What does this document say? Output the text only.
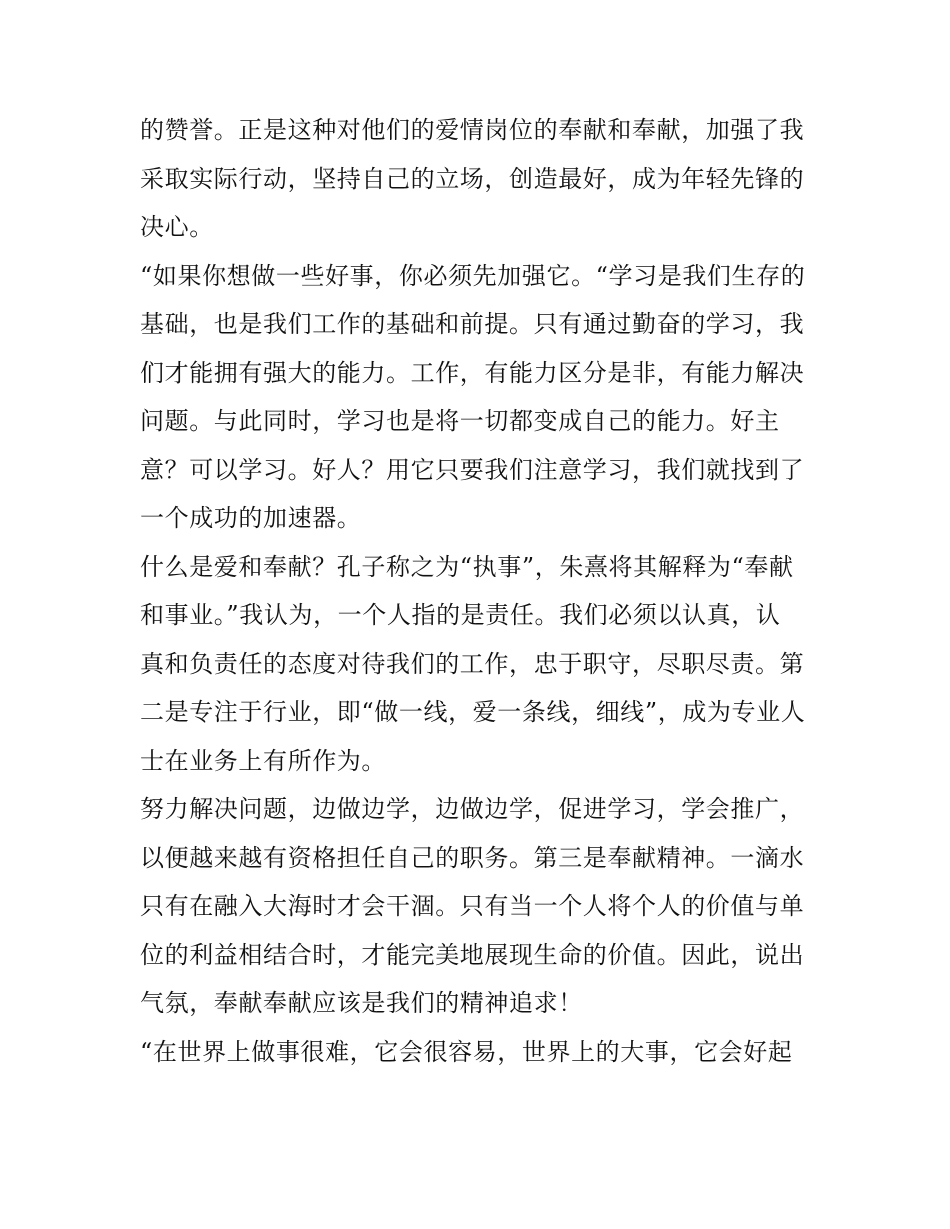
的赞誉。正是这种对他们的爱情岗位的奉献和奉献，加强了我
采取实际行动，坚持自己的立场，创造最好，成为年轻先锋的
决心。
“如果你想做一些好事，你必须先加强它。“学习是我们生存的
基础，也是我们工作的基础和前提。只有通过勤奋的学习，我
们才能拥有强大的能力。工作，有能力区分是非，有能力解决
问题。与此同时，学习也是将一切都变成自己的能力。好主
意？可以学习。好人？用它只要我们注意学习，我们就找到了
一个成功的加速器。
什么是爱和奉献？孔子称之为“执事”，朱熹将其解释为“奉献
和事业。”我认为，一个人指的是责任。我们必须以认真，认
真和负责任的态度对待我们的工作，忠于职守，尽职尽责。第
二是专注于行业，即“做一线，爱一条线，细线”，成为专业人
士在业务上有所作为。
努力解决问题，边做边学，边做边学，促进学习，学会推广，
以便越来越有资格担任自己的职务。第三是奉献精神。一滴水
只有在融入大海时才会干涸。只有当一个人将个人的价值与单
位的利益相结合时，才能完美地展现生命的价值。因此，说出
气氛，奉献奉献应该是我们的精神追求！
“在世界上做事很难，它会很容易，世界上的大事，它会好起
